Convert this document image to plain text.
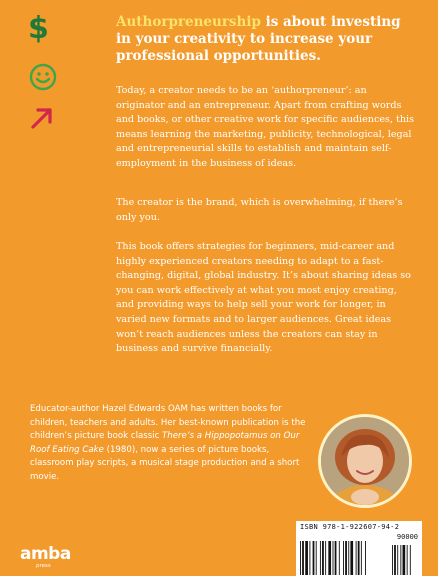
$	Authorpreneurship is about investing in your creativity to increase your professional opportunities.

Today, a creator needs to be an ‘authorpreneur’: an originator and an entrepreneur. Apart from crafting words and books, or other creative work for specific audiences, this means learning the marketing, publicity, technological, legal and entrepreneurial skills to establish and maintain self-employment in the business of ideas.

The creator is the brand, which is overwhelming, if there’s only you.

This book offers strategies for beginners, mid-career and highly experienced creators needing to adapt to a fast-changing, digital, global industry. It’s about sharing ideas so you can work effectively at what you most enjoy creating, and providing ways to help sell your work for longer, in varied new formats and to larger audiences. Great ideas won’t reach audiences unless the creators can stay in business and survive financially.

Educator-author Hazel Edwards OAM has written books for children, teachers and adults. Her best-known publication is the children’s picture book classic There’s a Hippopotamus on Our Roof Eating Cake (1980), now a series of picture books, classroom play scripts, a musical stage production and a short movie.

ISBN 978-1-922607-94-2
90000
amba
press
